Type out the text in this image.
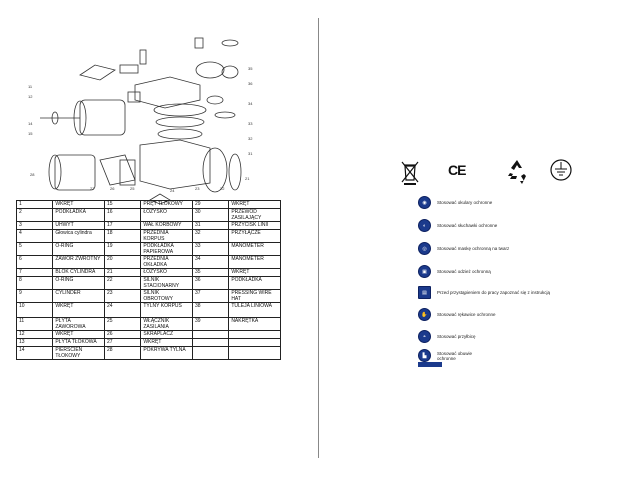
11
12
14
15
28
27	26	25	24	23	22
21
35
36
34
33
32
31
1	WKRĘT	15	PRĘT TŁOKOWY	29	WKRĘT
2	PODKŁADKA	16	ŁOŻYSKO	30	PRZEWÓD ZASILAJĄCY
3	UHWYT	17	WAŁ KORBOWY	31	PRZYCISK LINII
4	Głowica cylindra	18	PRZEDNIA KORPUS	32	PRZYŁĄCZE
5	O-RING	19	PODKŁADKA PAPIEROWA	33	MANOMETER
6	ZAWÓR ZWROTNY	20	PRZEDNIA OKŁADKA	34	MANOMETER
7	BLOK CYLINDRA	21	ŁOŻYSKO	35	WKRĘT
8	O-RING	22	SILNIK STACIONARNY	36	PODKŁADKA
9	CYLINDER	23	SILNIK OBROTOWY	37	PRESSING WIRE HAT
10	WKRĘT	24	TYLNY KORPUS	38	TULEJA LINIOWA
11	PŁYTA ZAWOROWA	25	WŁĄCZNIK ZASILANIA	39	NAKRĘTKA
12	WKRĘT	26	SKRAPLACZ		
13	PŁYTA TŁOKOWA	27	WKRĘT		
14	PIERŚCIEŃ TŁOKOWY	28	POKRYWA TYLNA		
CE
◉	Stosować okulary ochronne
◐	Stosować słuchawki ochronne
◎	Stosować maskę ochronną na twarz
▣	Stosować odzież ochronną
▤	Przed przystąpieniem do pracy zapoznać się z instrukcją
✋	Stosować rękawice ochronne
◓	Stosować przyłbicę
▙	Stosować obuwie ochronne
